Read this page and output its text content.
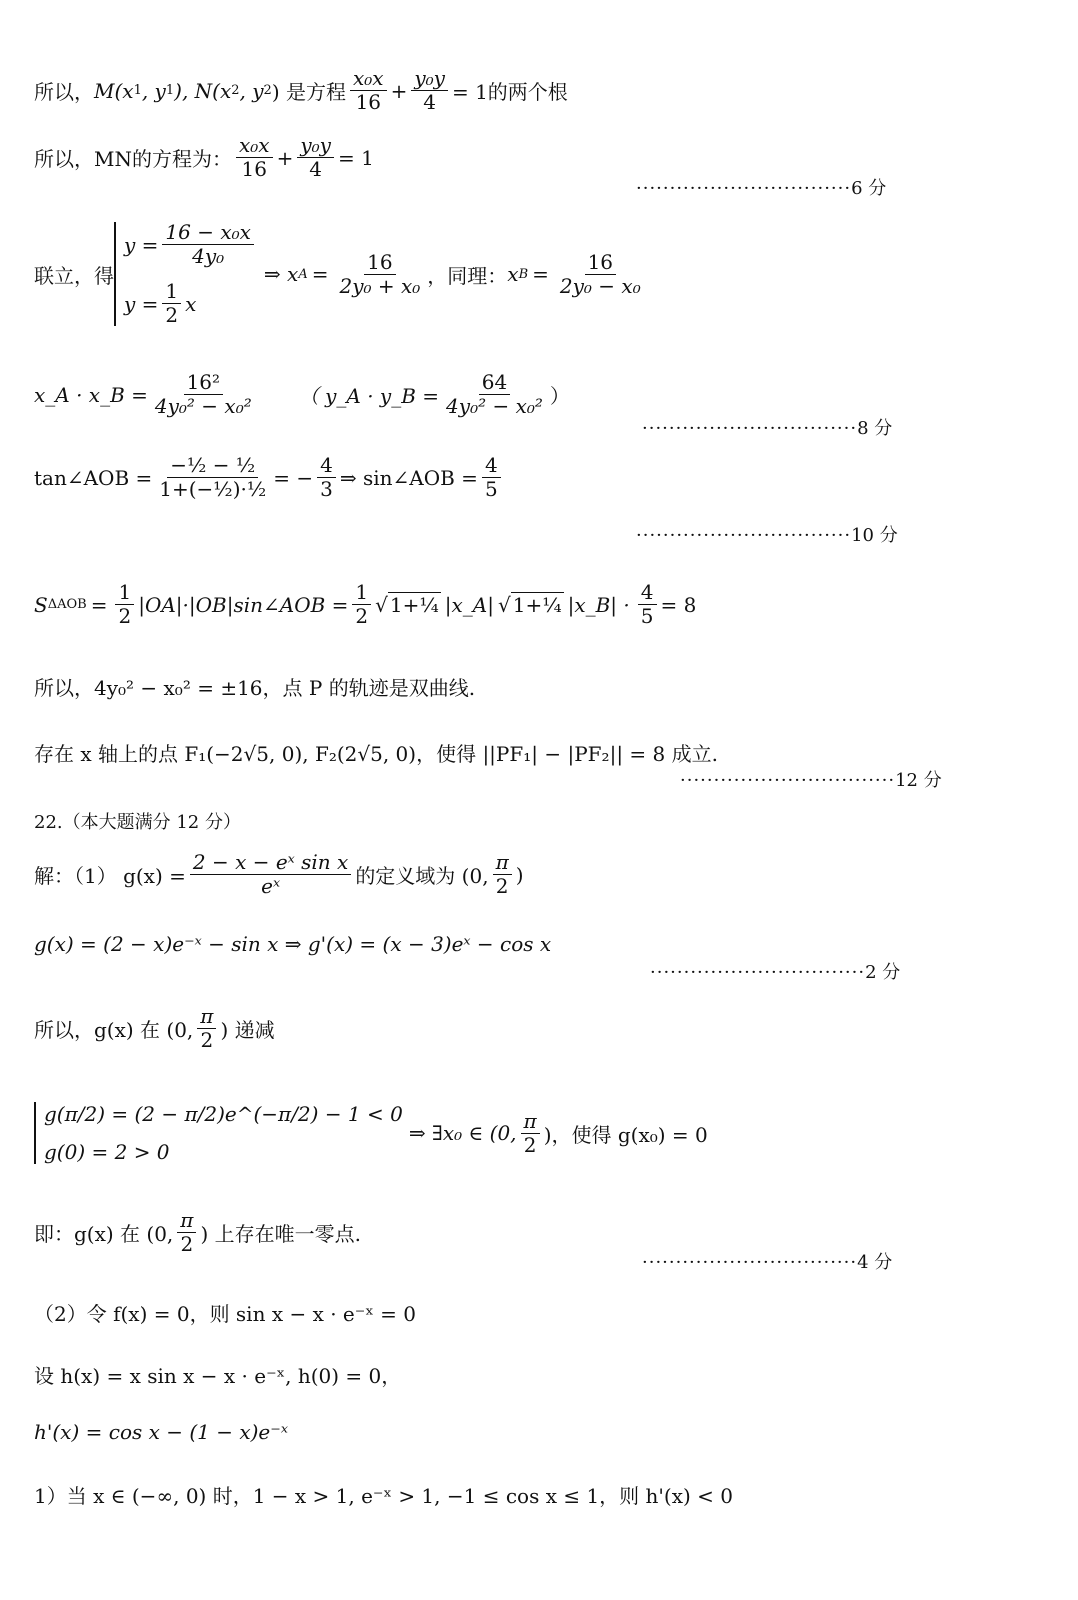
所以， M(x 1 , y 1 ), N(x 2 , y 2 ) 是方程 $\frac{\text{x₀x}}{16} + \frac{\text{y₀y}}{4} = 1$的两个根
所以，MN的方程为： $\frac{\text{x₀x}}{16} + \frac{\text{y₀y}}{4} = 1$
································6 分
联立，得
$y = \frac{\text{16 − x₀x}}{\text{4y₀}}$
$y = \frac{1}{2}$ x
⇒ x $A = \frac{16}{\text{2y₀ + x₀}}$ ，同理： x $B = \frac{16}{\text{2y₀ − x₀}}$
x_A · x_B = $\frac{\text{16²}}{\text{4y₀² − x₀²}}$ （ y_A · y_B = $\frac{64}{\text{4y₀² − x₀²}}$ ）
································8 分
tan∠AOB = $\frac{\text{−½ − ½}}{\text{1+(−½)·½}}$ = − $\frac{4}{3}$ ⇒ sin∠AOB = $\frac{4}{5}$
································10 分
S $\Delta AOB = \frac{1}{2}$ |OA|·|OB|sin∠AOB = $\frac{1}{2}$ √ 1+¼ |x_A| √ 1+¼ |x_B| · $\frac{4}{5} = 8$
所以，4y₀² − x₀² = ±16，点 P 的轨迹是双曲线.
存在 x 轴上的点 F₁(−2√5, 0), F₂(2√5, 0)，使得 ||PF₁| − |PF₂|| = 8 成立.
································12 分
22.（本大题满分 12 分）
解：（1） $g(x) = \frac{\text{2 − x − eˣ sin x}}{\text{eˣ}}$ 的定义域为 (0, $\frac{\pi}{2}$ )
g(x) = (2 − x)e⁻ˣ − sin x ⇒ g'(x) = (x − 3)eˣ − cos x
································2 分
所以，g(x) 在 (0, $\frac{\pi}{2}$ ) 递减
g(π/2) = (2 − π/2)e^(−π/2) − 1 < 0
g(0) = 2 > 0
⇒ ∃x₀ ∈ (0, $\frac{\pi}{2}$ )，使得 g(x₀) = 0
即：g(x) 在 (0, $\frac{\pi}{2}$ ) 上存在唯一零点.
································4 分
（2）令 f(x) = 0，则 sin x − x · e⁻ˣ = 0
设 h(x) = x sin x − x · e⁻ˣ, h(0) = 0，
h'(x) = cos x − (1 − x)e⁻ˣ
1）当 x ∈ (−∞, 0) 时，1 − x > 1, e⁻ˣ > 1, −1 ≤ cos x ≤ 1，则 h'(x) < 0
